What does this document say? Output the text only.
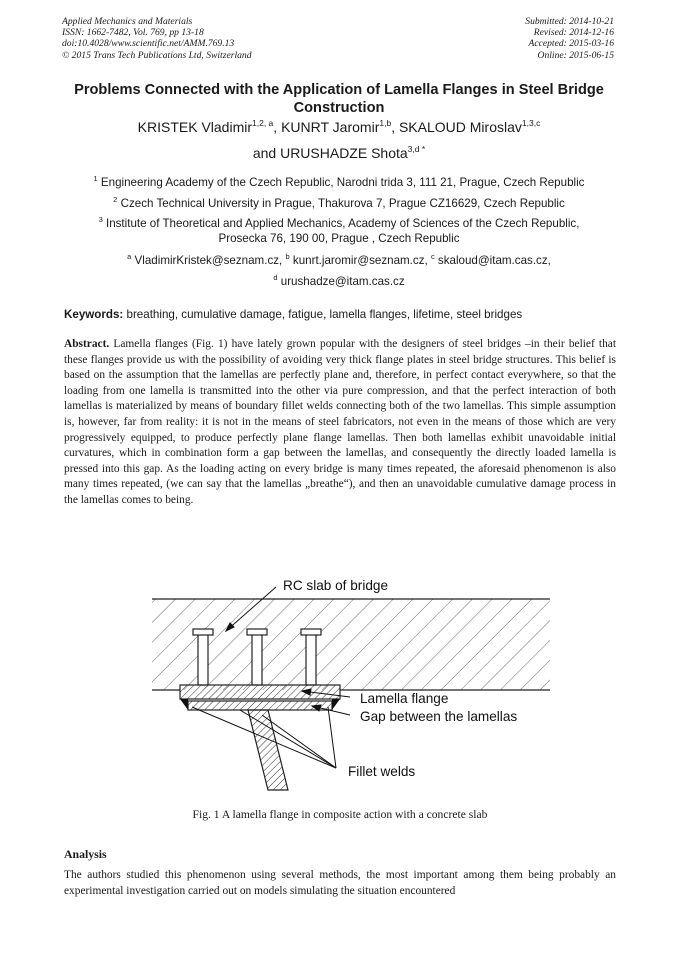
Applied Mechanics and Materials
ISSN: 1662-7482, Vol. 769, pp 13-18
doi:10.4028/www.scientific.net/AMM.769.13
© 2015 Trans Tech Publications Ltd, Switzerland
Submitted: 2014-10-21
Revised: 2014-12-16
Accepted: 2015-03-16
Online: 2015-06-15
Problems Connected with the Application of Lamella Flanges in Steel Bridge Construction
KRISTEK Vladimir$^{1,2, a}$, KUNRT Jaromir$^{1,b}$, SKALOUD Miroslav$^{1,3,c}$
and URUSHADZE Shota$^{3,d *}$
$^1$ Engineering Academy of the Czech Republic, Narodni trida 3, 111 21, Prague, Czech Republic
$^2$ Czech Technical University in Prague, Thakurova 7, Prague CZ16629, Czech Republic
$^3$ Institute of Theoretical and Applied Mechanics, Academy of Sciences of the Czech Republic, Prosecka 76, 190 00, Prague , Czech Republic
$^a$ VladimirKristek@seznam.cz, $^b$ kunrt.jaromir@seznam.cz, $^c$ skaloud@itam.cas.cz,
$^d$ urushadze@itam.cas.cz
Keywords: breathing, cumulative damage, fatigue, lamella flanges, lifetime, steel bridges
Abstract. Lamella flanges (Fig. 1) have lately grown popular with the designers of steel bridges –in their belief that these flanges provide us with the possibility of avoiding very thick flange plates in steel bridge structures. This belief is based on the assumption that the lamellas are perfectly plane and, therefore, in perfect contact everywhere, so that the loading from one lamella is transmitted into the other via pure compression, and that the perfect interaction of both lamellas is materialized by means of boundary fillet welds connecting both of the two lamellas. This simple assumption is, however, far from reality: it is not in the means of steel fabricators, not even in the means of those which are very progressively equipped, to produce perfectly plane flange lamellas. Then both lamellas exhibit unavoidable initial curvatures, which in combination form a gap between the lamellas, and consequently the directly loaded lamella is pressed into this gap. As the loading acting on every bridge is many times repeated, the aforesaid phenomenon is also many times repeated, (we can say that the lamellas „breathe“), and then an unavoidable cumulative damage process in the lamellas comes to being.
RC slab of bridge
Lamella flange
Gap between the lamellas
Fillet welds
Fig. 1 A lamella flange in composite action with a concrete slab
Analysis
The authors studied this phenomenon using several methods, the most important among them being probably an experimental investigation carried out on models simulating the situation encountered
